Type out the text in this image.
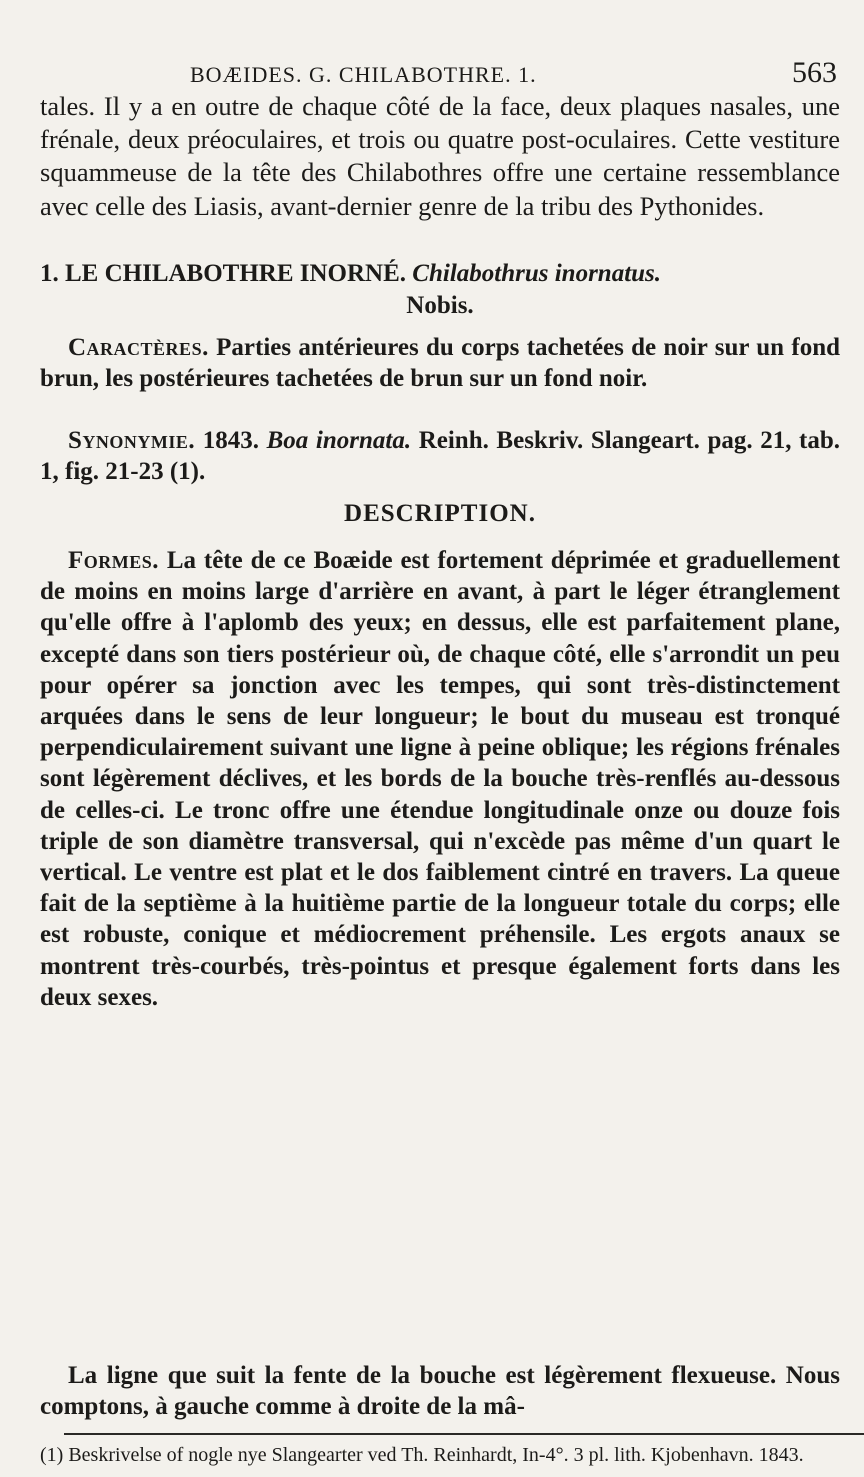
BOÆIDES. G. CHILABOTHRE. 1.	563

tales. Il y a en outre de chaque côté de la face, deux plaques nasales, une frénale, deux préoculaires, et trois ou quatre post-oculaires. Cette vestiture squammeuse de la tête des Chilabothres offre une certaine ressemblance avec celle des Liasis, avant-dernier genre de la tribu des Pythonides.

1. LE CHILABOTHRE INORNÉ. Chilabothrus inornatus.
Nobis.

Caractères. Parties antérieures du corps tachetées de noir sur un fond brun, les postérieures tachetées de brun sur un fond noir.

Synonymie. 1843. Boa inornata. Reinh. Beskriv. Slangeart. pag. 21, tab. 1, fig. 21-23 (1).

DESCRIPTION.

Formes. La tête de ce Boæide est fortement déprimée et graduellement de moins en moins large d'arrière en avant, à part le léger étranglement qu'elle offre à l'aplomb des yeux; en dessus, elle est parfaitement plane, excepté dans son tiers postérieur où, de chaque côté, elle s'arrondit un peu pour opérer sa jonction avec les tempes, qui sont très-distinctement arquées dans le sens de leur longueur; le bout du museau est tronqué perpendiculairement suivant une ligne à peine oblique; les régions frénales sont légèrement déclives, et les bords de la bouche très-renflés au-dessous de celles-ci. Le tronc offre une étendue longitudinale onze ou douze fois triple de son diamètre transversal, qui n'excède pas même d'un quart le vertical. Le ventre est plat et le dos faiblement cintré en travers. La queue fait de la septième à la huitième partie de la longueur totale du corps; elle est robuste, conique et médiocrement préhensile. Les ergots anaux se montrent très-courbés, très-pointus et presque également forts dans les deux sexes.

La ligne que suit la fente de la bouche est légèrement flexueuse. Nous comptons, à gauche comme à droite de la mâ-

(1) Beskrivelse of nogle nye Slangearter ved Th. Reinhardt, In-4°. 3 pl. lith. Kjobenhavn. 1843.
